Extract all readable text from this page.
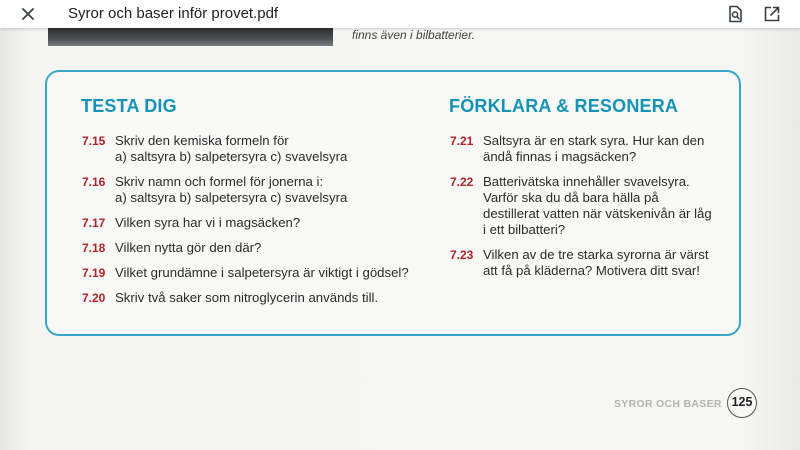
Syror och baser inför provet.pdf
finns även i bilbatterier.
TESTA DIG
7.15 Skriv den kemiska formeln för
a) saltsyra b) salpetersyra c) svavelsyra
7.16 Skriv namn och formel för jonerna i:
a) saltsyra b) salpetersyra c) svavelsyra
7.17 Vilken syra har vi i magsäcken?
7.18 Vilken nytta gör den där?
7.19 Vilket grundämne i salpetersyra är viktigt i gödsel?
7.20 Skriv två saker som nitroglycerin används till.
FÖRKLARA & RESONERA
7.21 Saltsyra är en stark syra. Hur kan den
ändå finnas i magsäcken?
7.22 Batterivätska innehåller svavelsyra.
Varför ska du då bara hälla på
destillerat vatten när vätskenivån är låg
i ett bilbatteri?
7.23 Vilken av de tre starka syrorna är värst
att få på kläderna? Motivera ditt svar!
SYROR OCH BASER 125
